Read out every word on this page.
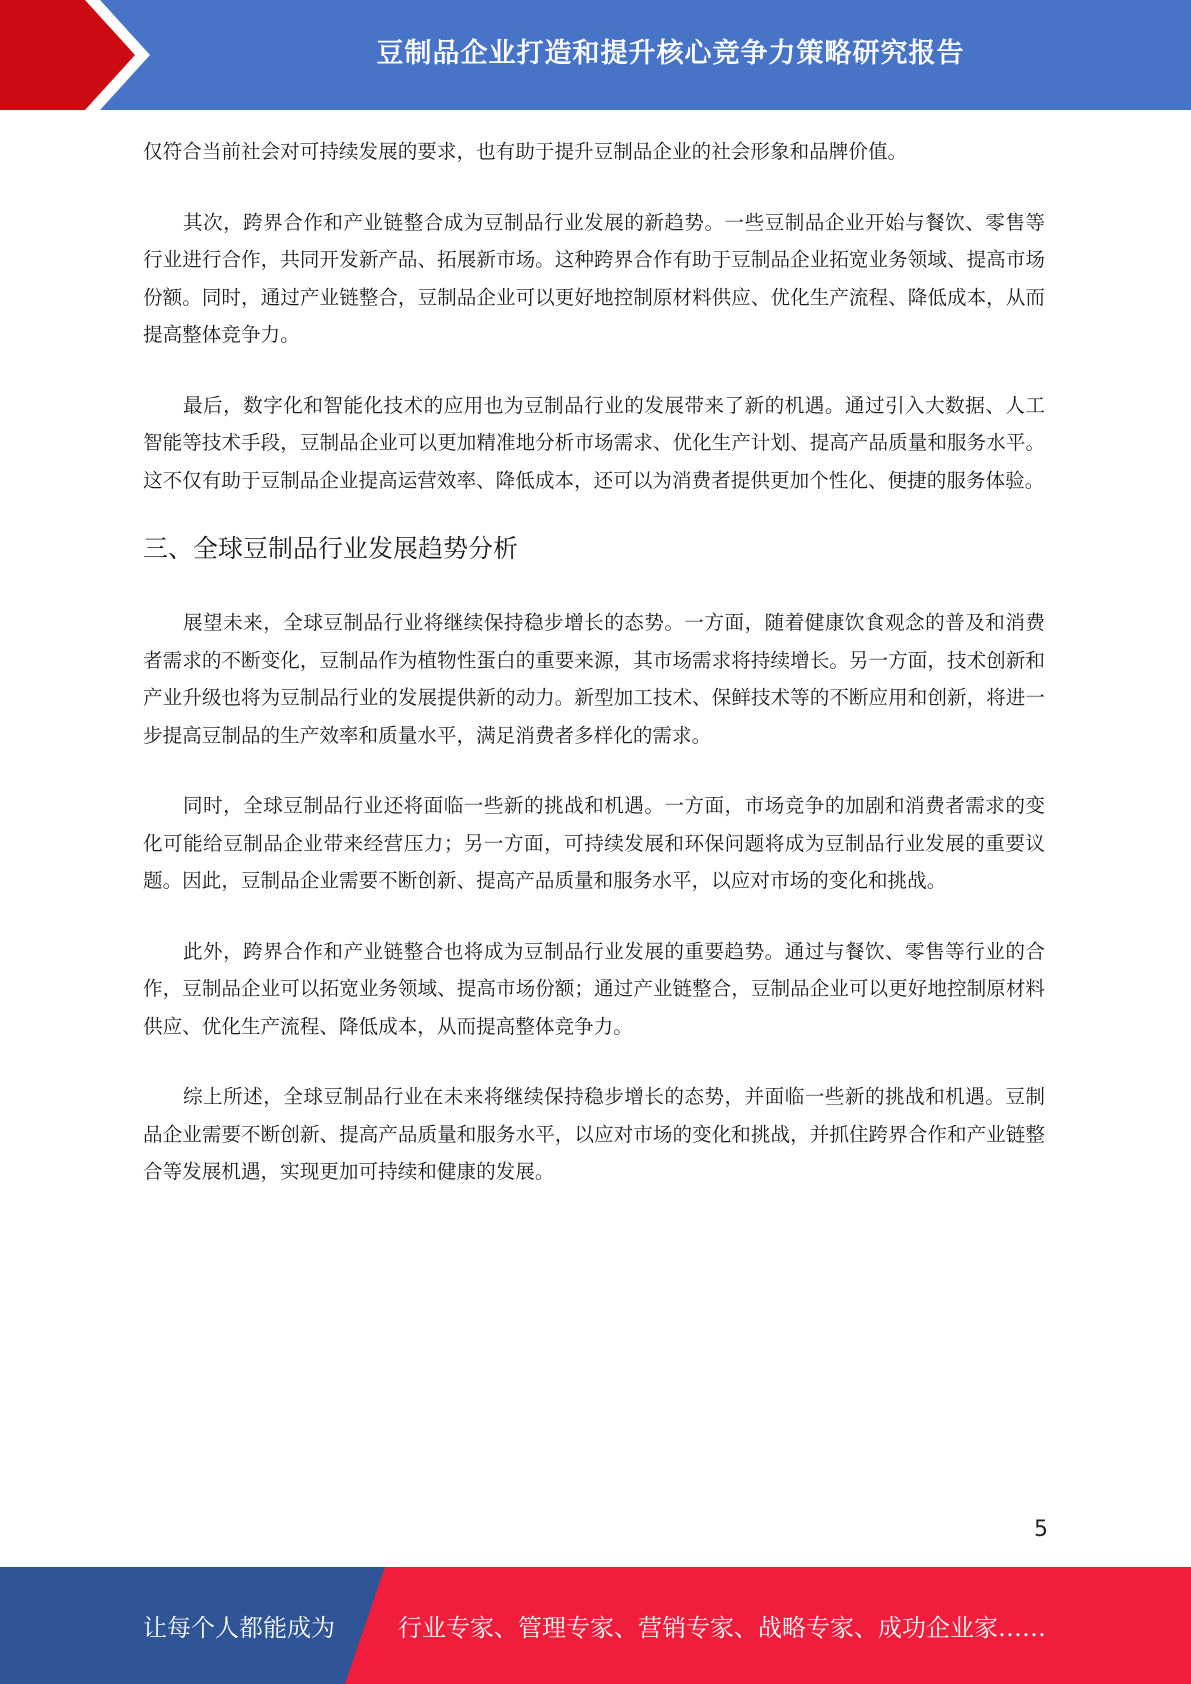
豆制品企业打造和提升核心竞争力策略研究报告

仅符合当前社会对可持续发展的要求，也有助于提升豆制品企业的社会形象和品牌价值。

其次，跨界合作和产业链整合成为豆制品行业发展的新趋势。一些豆制品企业开始与餐饮、零售等行业进行合作，共同开发新产品、拓展新市场。这种跨界合作有助于豆制品企业拓宽业务领域、提高市场份额。同时，通过产业链整合，豆制品企业可以更好地控制原材料供应、优化生产流程、降低成本，从而提高整体竞争力。

最后，数字化和智能化技术的应用也为豆制品行业的发展带来了新的机遇。通过引入大数据、人工智能等技术手段，豆制品企业可以更加精准地分析市场需求、优化生产计划、提高产品质量和服务水平。这不仅有助于豆制品企业提高运营效率、降低成本，还可以为消费者提供更加个性化、便捷的服务体验。

三、全球豆制品行业发展趋势分析

展望未来，全球豆制品行业将继续保持稳步增长的态势。一方面，随着健康饮食观念的普及和消费者需求的不断变化，豆制品作为植物性蛋白的重要来源，其市场需求将持续增长。另一方面，技术创新和产业升级也将为豆制品行业的发展提供新的动力。新型加工技术、保鲜技术等的不断应用和创新，将进一步提高豆制品的生产效率和质量水平，满足消费者多样化的需求。

同时，全球豆制品行业还将面临一些新的挑战和机遇。一方面，市场竞争的加剧和消费者需求的变化可能给豆制品企业带来经营压力；另一方面，可持续发展和环保问题将成为豆制品行业发展的重要议题。因此，豆制品企业需要不断创新、提高产品质量和服务水平，以应对市场的变化和挑战。

此外，跨界合作和产业链整合也将成为豆制品行业发展的重要趋势。通过与餐饮、零售等行业的合作，豆制品企业可以拓宽业务领域、提高市场份额；通过产业链整合，豆制品企业可以更好地控制原材料供应、优化生产流程、降低成本，从而提高整体竞争力。

综上所述，全球豆制品行业在未来将继续保持稳步增长的态势，并面临一些新的挑战和机遇。豆制品企业需要不断创新、提高产品质量和服务水平，以应对市场的变化和挑战，并抓住跨界合作和产业链整合等发展机遇，实现更加可持续和健康的发展。

5
让每个人都能成为	行业专家、管理专家、营销专家、战略专家、成功企业家……
